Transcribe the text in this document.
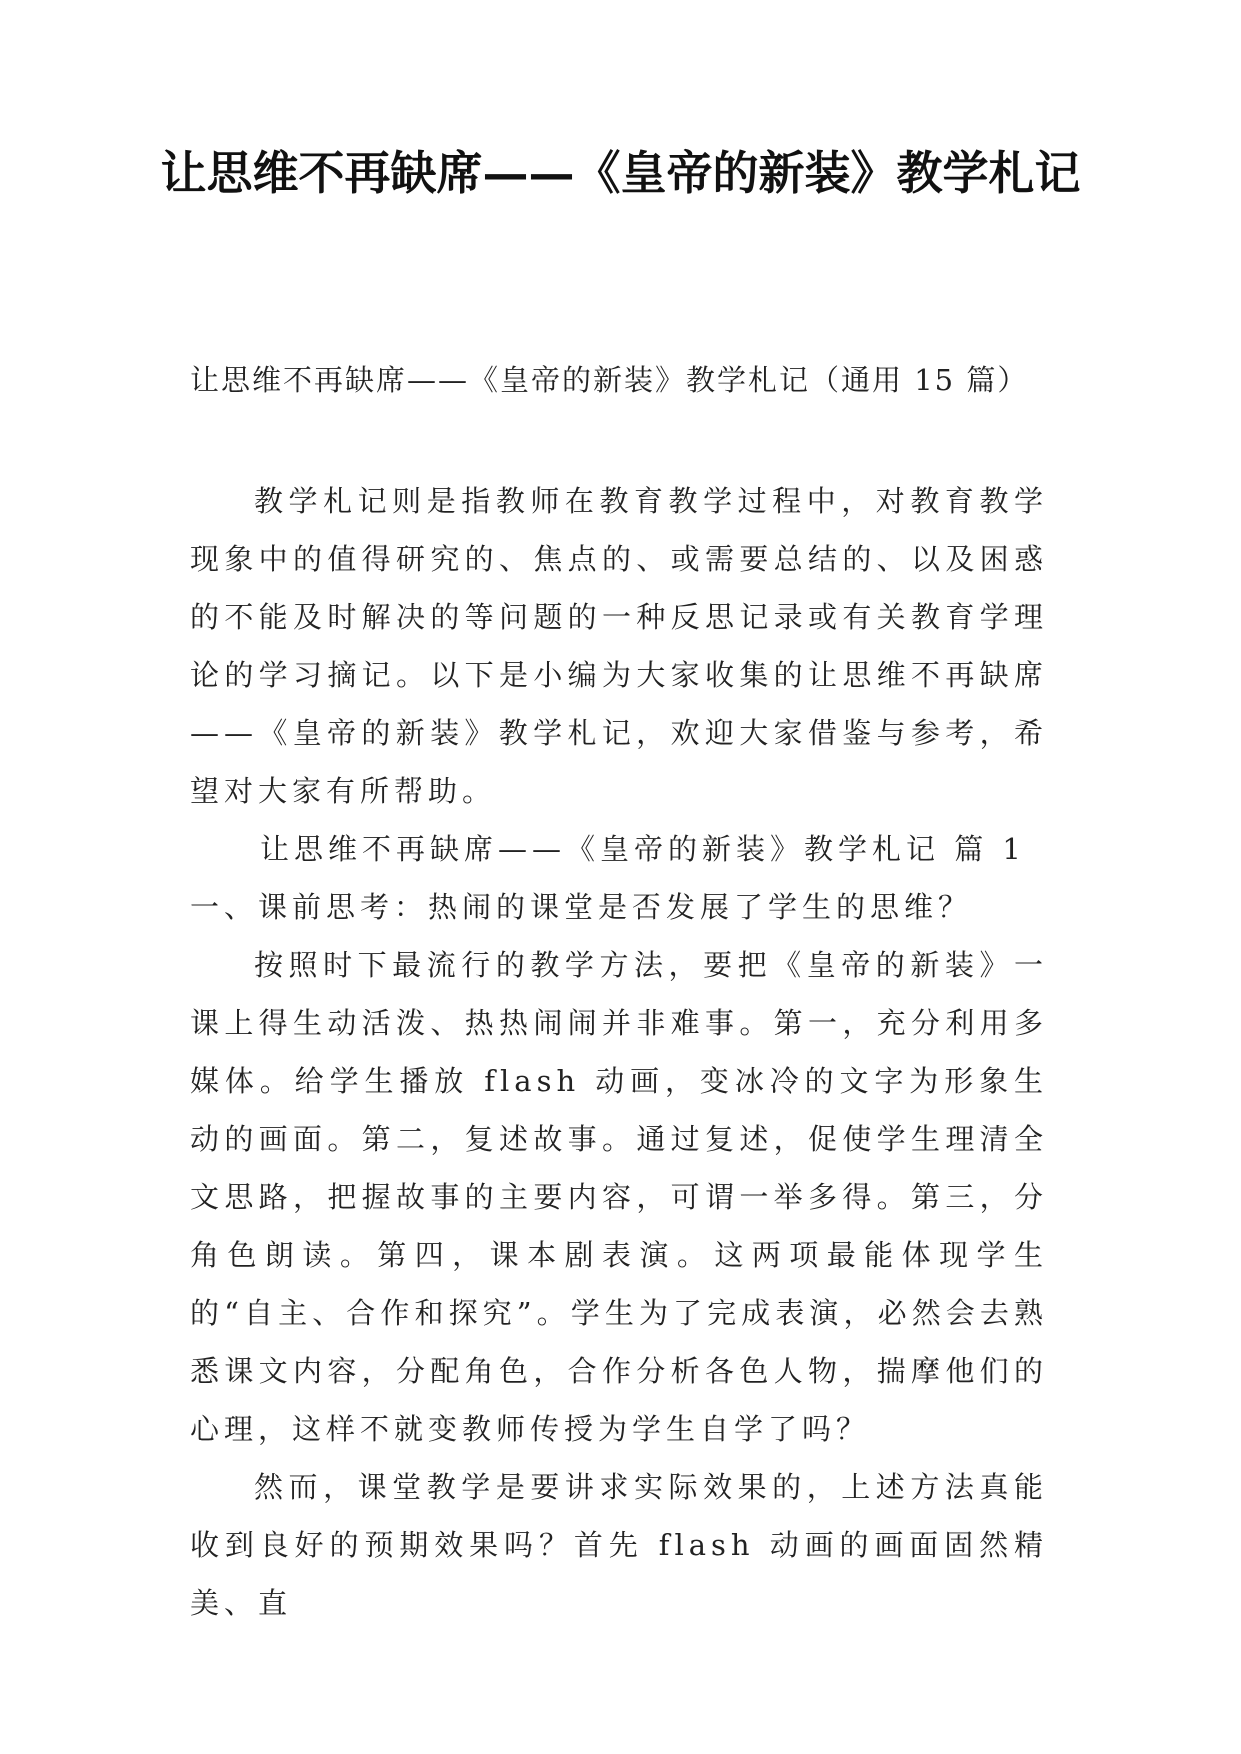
让思维不再缺席——《皇帝的新装》教学札记

让思维不再缺席——《皇帝的新装》教学札记（通用 15 篇）

教学札记则是指教师在教育教学过程中，对教育教学现象中的值得研究的、焦点的、或需要总结的、以及困惑的不能及时解决的等问题的一种反思记录或有关教育学理论的学习摘记。以下是小编为大家收集的让思维不再缺席——《皇帝的新装》教学札记，欢迎大家借鉴与参考，希望对大家有所帮助。

让思维不再缺席——《皇帝的新装》教学札记 篇 1

一、课前思考：热闹的课堂是否发展了学生的思维？

按照时下最流行的教学方法，要把《皇帝的新装》一课上得生动活泼、热热闹闹并非难事。第一，充分利用多媒体。给学生播放 flash 动画，变冰冷的文字为形象生动的画面。第二，复述故事。通过复述，促使学生理清全文思路，把握故事的主要内容，可谓一举多得。第三，分角色朗读。第四，课本剧表演。这两项最能体现学生的“自主、合作和探究”。学生为了完成表演，必然会去熟悉课文内容，分配角色，合作分析各色人物，揣摩他们的心理，这样不就变教师传授为学生自学了吗？

然而，课堂教学是要讲求实际效果的，上述方法真能收到良好的预期效果吗？首先 flash 动画的画面固然精美、直
